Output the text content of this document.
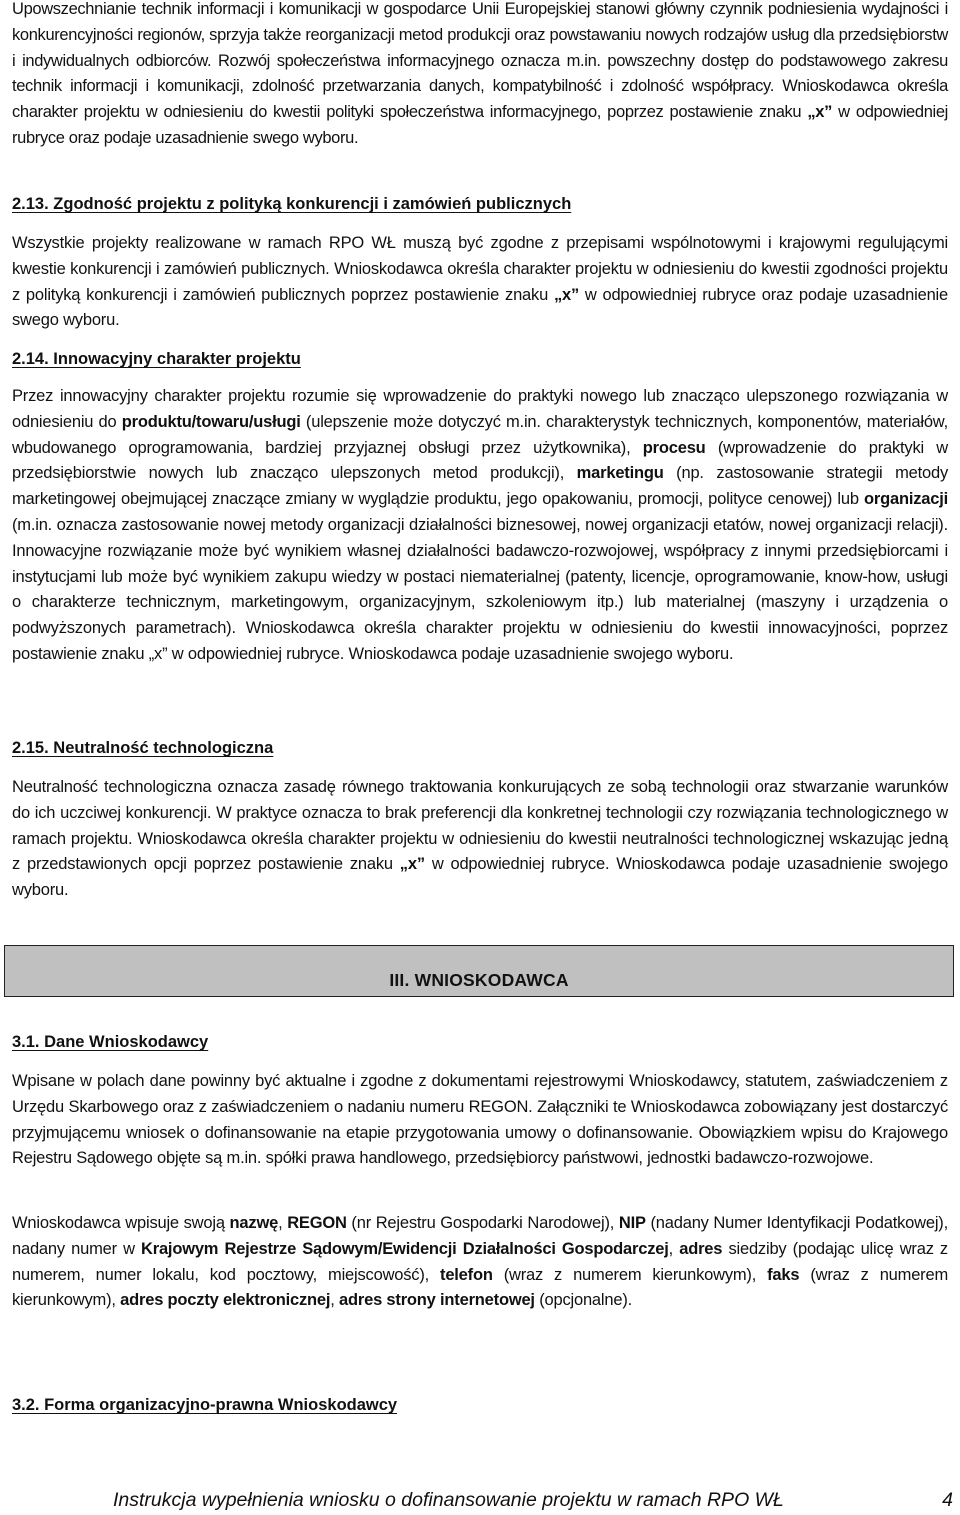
Upowszechnianie technik informacji i komunikacji w gospodarce Unii Europejskiej stanowi główny czynnik podniesienia wydajności i konkurencyjności regionów, sprzyja także reorganizacji metod produkcji oraz powstawaniu nowych rodzajów usług dla przedsiębiorstw i indywidualnych odbiorców. Rozwój społeczeństwa informacyjnego oznacza m.in. powszechny dostęp do podstawowego zakresu technik informacji i komunikacji, zdolność przetwarzania danych, kompatybilność i zdolność współpracy. Wnioskodawca określa charakter projektu w odniesieniu do kwestii polityki społeczeństwa informacyjnego, poprzez postawienie znaku „x” w odpowiedniej rubryce oraz podaje uzasadnienie swego wyboru.

2.13. Zgodność projektu z polityką konkurencji i zamówień publicznych

Wszystkie projekty realizowane w ramach RPO WŁ muszą być zgodne z przepisami wspólnotowymi i krajowymi regulującymi kwestie konkurencji i zamówień publicznych. Wnioskodawca określa charakter projektu w odniesieniu do kwestii zgodności projektu z polityką konkurencji i zamówień publicznych poprzez postawienie znaku „x” w odpowiedniej rubryce oraz podaje uzasadnienie swego wyboru.

2.14. Innowacyjny charakter projektu

Przez innowacyjny charakter projektu rozumie się wprowadzenie do praktyki nowego lub znacząco ulepszonego rozwiązania w odniesieniu do produktu/towaru/usługi (ulepszenie może dotyczyć m.in. charakterystyk technicznych, komponentów, materiałów, wbudowanego oprogramowania, bardziej przyjaznej obsługi przez użytkownika), procesu (wprowadzenie do praktyki w przedsiębiorstwie nowych lub znacząco ulepszonych metod produkcji), marketingu (np. zastosowanie strategii metody marketingowej obejmującej znaczące zmiany w wyglądzie produktu, jego opakowaniu, promocji, polityce cenowej) lub organizacji (m.in. oznacza zastosowanie nowej metody organizacji działalności biznesowej, nowej organizacji etatów, nowej organizacji relacji). Innowacyjne rozwiązanie może być wynikiem własnej działalności badawczo-rozwojowej, współpracy z innymi przedsiębiorcami i instytucjami lub może być wynikiem zakupu wiedzy w postaci niematerialnej (patenty, licencje, oprogramowanie, know-how, usługi o charakterze technicznym, marketingowym, organizacyjnym, szkoleniowym itp.) lub materialnej (maszyny i urządzenia o podwyższonych parametrach). Wnioskodawca określa charakter projektu w odniesieniu do kwestii innowacyjności, poprzez postawienie znaku „x” w odpowiedniej rubryce. Wnioskodawca podaje uzasadnienie swojego wyboru.

2.15. Neutralność technologiczna

Neutralność technologiczna oznacza zasadę równego traktowania konkurujących ze sobą technologii oraz stwarzanie warunków do ich uczciwej konkurencji. W praktyce oznacza to brak preferencji dla konkretnej technologii czy rozwiązania technologicznego w ramach projektu. Wnioskodawca określa charakter projektu w odniesieniu do kwestii neutralności technologicznej wskazując jedną z przedstawionych opcji poprzez postawienie znaku „x” w odpowiedniej rubryce. Wnioskodawca podaje uzasadnienie swojego wyboru.

3.1. Dane Wnioskodawcy

Wpisane w polach dane powinny być aktualne i zgodne z dokumentami rejestrowymi Wnioskodawcy, statutem, zaświadczeniem z Urzędu Skarbowego oraz z zaświadczeniem o nadaniu numeru REGON. Załączniki te Wnioskodawca zobowiązany jest dostarczyć przyjmującemu wniosek o dofinansowanie na etapie przygotowania umowy o dofinansowanie. Obowiązkiem wpisu do Krajowego Rejestru Sądowego objęte są m.in. spółki prawa handlowego, przedsiębiorcy państwowi, jednostki badawczo-rozwojowe.

Wnioskodawca wpisuje swoją nazwę, REGON (nr Rejestru Gospodarki Narodowej), NIP (nadany Numer Identyfikacji Podatkowej), nadany numer w Krajowym Rejestrze Sądowym/Ewidencji Działalności Gospodarczej, adres siedziby (podając ulicę wraz z numerem, numer lokalu, kod pocztowy, miejscowość), telefon (wraz z numerem kierunkowym), faks (wraz z numerem kierunkowym), adres poczty elektronicznej, adres strony internetowej (opcjonalne).

3.2. Forma organizacyjno-prawna Wnioskodawcy
III. WNIOSKODAWCA
Instrukcja wypełnienia wniosku o dofinansowanie projektu w ramach RPO WŁ	4
